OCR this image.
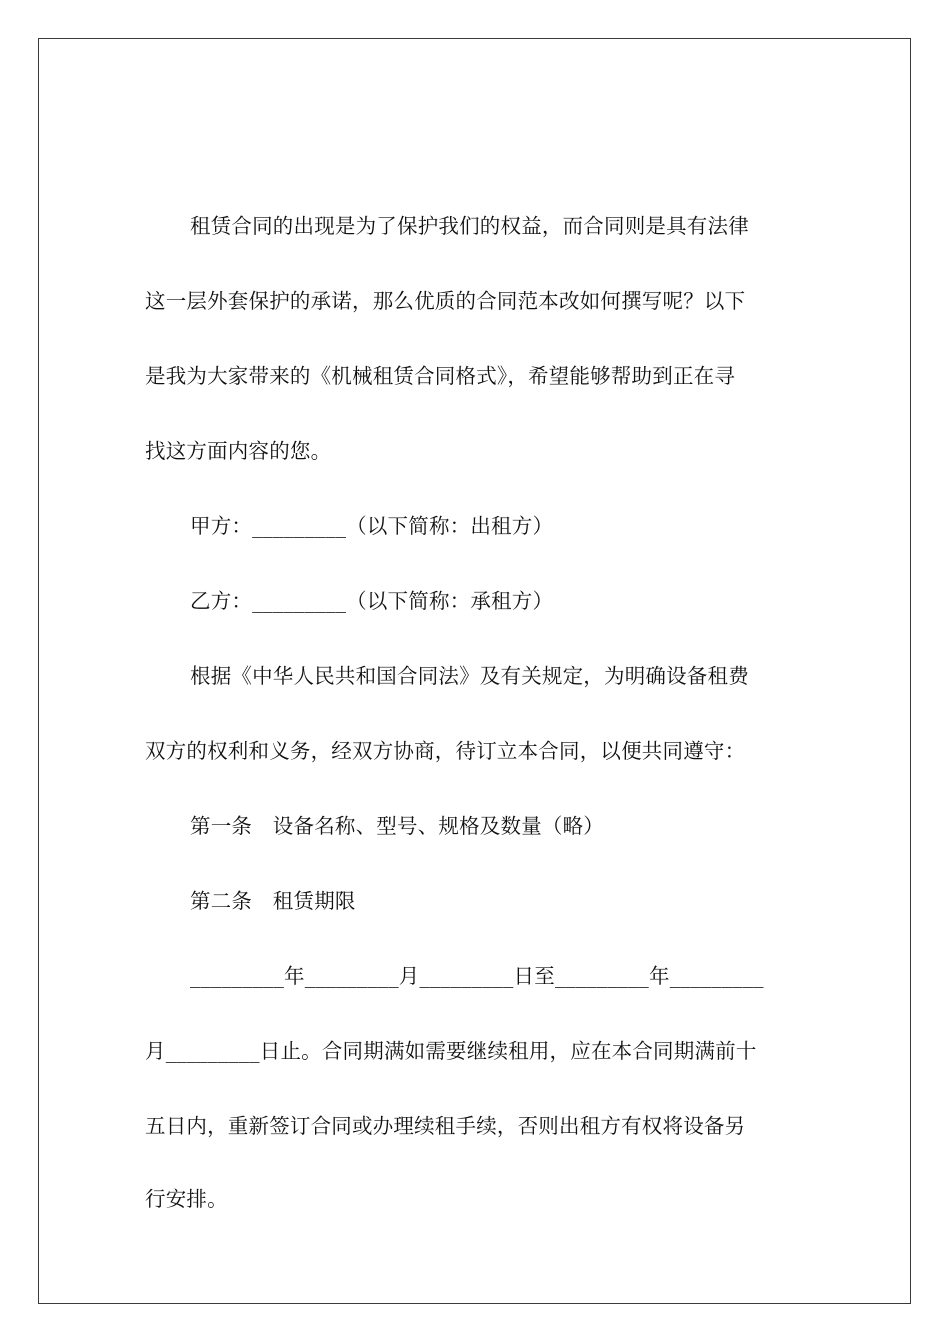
租赁合同的出现是为了保护我们的权益，而合同则是具有法律
这一层外套保护的承诺，那么优质的合同范本改如何撰写呢？以下
是我为大家带来的《机械租赁合同格式》，希望能够帮助到正在寻
找这方面内容的您。
甲方：_________（以下简称：出租方）
乙方：_________（以下简称：承租方）
根据《中华人民共和国合同法》及有关规定，为明确设备租费
双方的权利和义务，经双方协商，待订立本合同，以便共同遵守：
第一条　设备名称、型号、规格及数量（略）
第二条　租赁期限
_________年_________月_________日至_________年_________
月_________日止。合同期满如需要继续租用，应在本合同期满前十
五日内，重新签订合同或办理续租手续，否则出租方有权将设备另
行安排。
